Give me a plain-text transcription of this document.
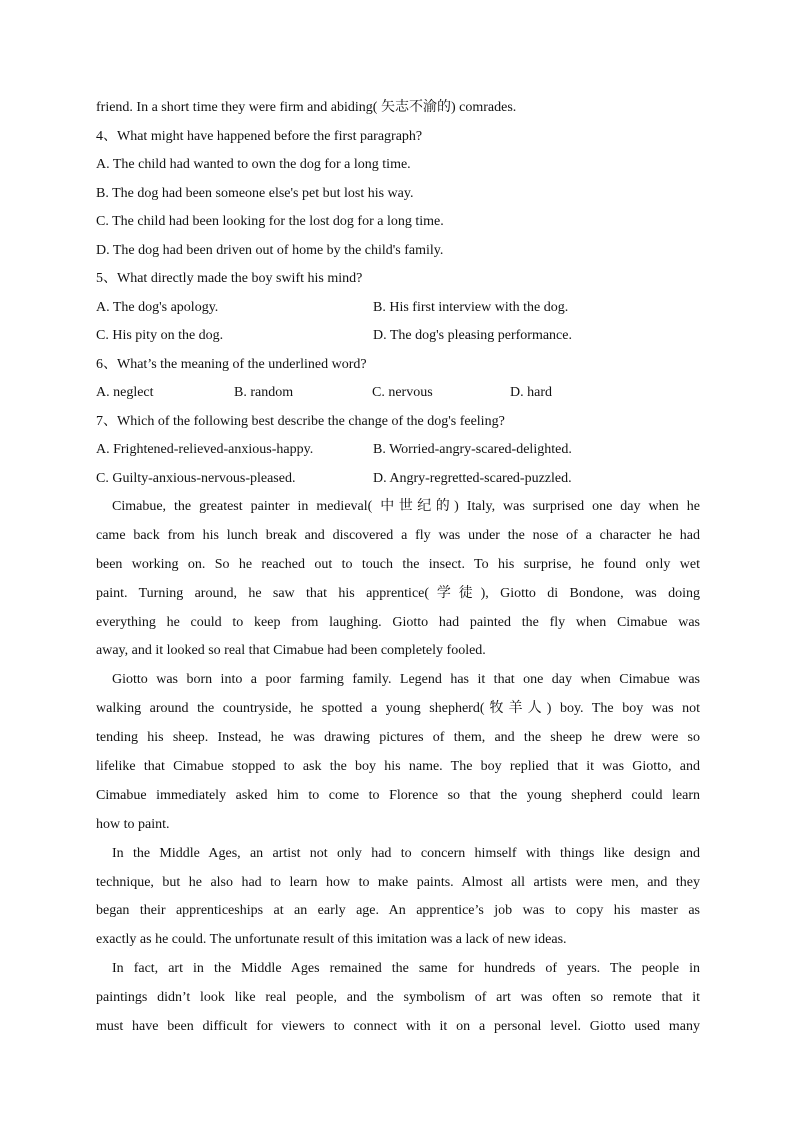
friend. In a short time they were firm and abiding( 矢志不渝的) comrades.
4、What might have happened before the first paragraph?
A. The child had wanted to own the dog for a long time.
B. The dog had been someone else's pet but lost his way.
C. The child had been looking for the lost dog for a long time.
D. The dog had been driven out of home by the child's family.
5、What directly made the boy swift his mind?
A. The dog's apology.	B. His first interview with the dog.
C. His pity on the dog.	D. The dog's pleasing performance.
6、What’s the meaning of the underlined word?
A. neglect	B. random	C. nervous	D. hard
7、Which of the following best describe the change of the dog's feeling?
A. Frightened-relieved-anxious-happy.	B. Worried-angry-scared-delighted.
C. Guilty-anxious-nervous-pleased.	D. Angry-regretted-scared-puzzled.
Cimabue, the greatest painter in medieval( 中世纪的) Italy, was surprised one day when he
came back from his lunch break and discovered a fly was under the nose of a character he had
been working on. So he reached out to touch the insect. To his surprise, he found only wet
paint. Turning around, he saw that his apprentice(学徒), Giotto di Bondone, was doing
everything he could to keep from laughing. Giotto had painted the fly when Cimabue was
away, and it looked so real that Cimabue had been completely fooled.
Giotto was born into a poor farming family. Legend has it that one day when Cimabue was
walking around the countryside, he spotted a young shepherd(牧羊人) boy. The boy was not
tending his sheep. Instead, he was drawing pictures of them, and the sheep he drew were so
lifelike that Cimabue stopped to ask the boy his name. The boy replied that it was Giotto, and
Cimabue immediately asked him to come to Florence so that the young shepherd could learn
how to paint.
In the Middle Ages, an artist not only had to concern himself with things like design and
technique, but he also had to learn how to make paints. Almost all artists were men, and they
began their apprenticeships at an early age. An apprentice’s job was to copy his master as
exactly as he could. The unfortunate result of this imitation was a lack of new ideas.
In fact, art in the Middle Ages remained the same for hundreds of years. The people in
paintings didn’t look like real people, and the symbolism of art was often so remote that it
must have been difficult for viewers to connect with it on a personal level. Giotto used many
